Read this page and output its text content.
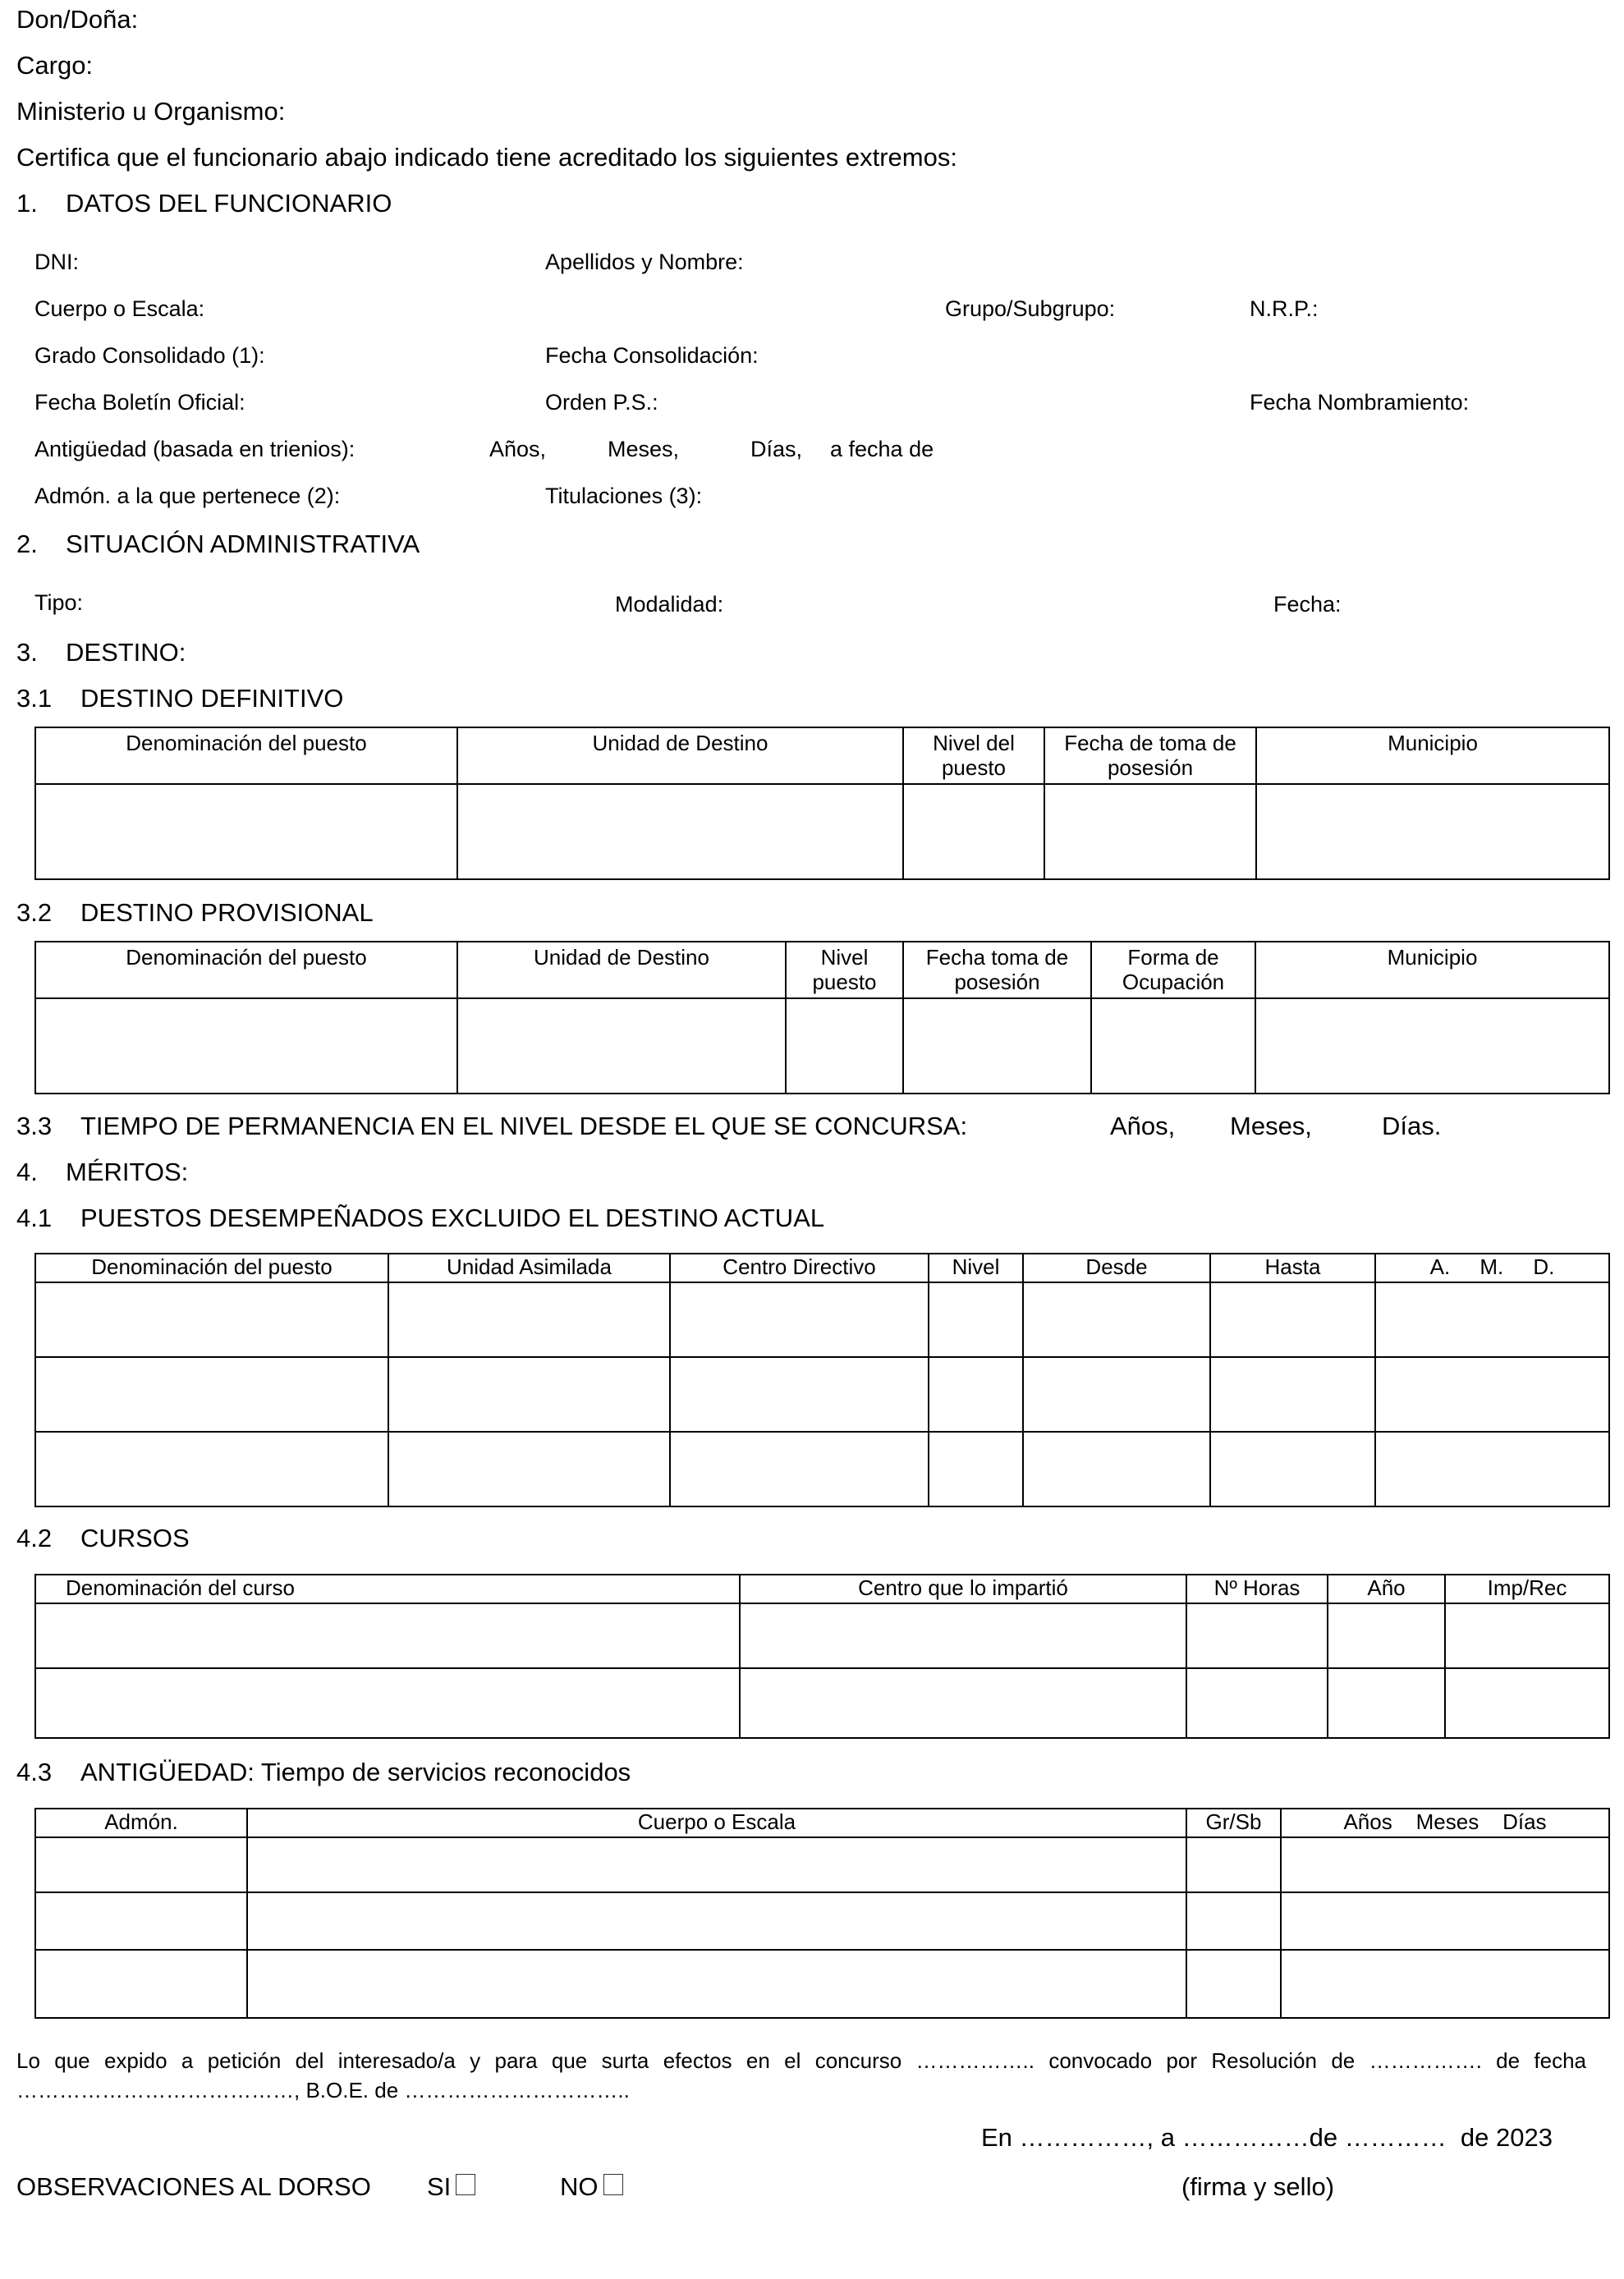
Don/Doña:
Cargo:
Ministerio u Organismo:
Certifica que el funcionario abajo indicado tiene acreditado los siguientes extremos:
1. DATOS DEL FUNCIONARIO
DNI:	Apellidos y Nombre:
Cuerpo o Escala:	Grupo/Subgrupo:	N.R.P.:
Grado Consolidado (1):	Fecha Consolidación:
Fecha Boletín Oficial:	Orden P.S.:	Fecha Nombramiento:
Antigüedad (basada en trienios):	Años,	Meses,	Días, a fecha de
Admón. a la que pertenece (2):	Titulaciones (3):
2. SITUACIÓN ADMINISTRATIVA
Tipo:	Modalidad:	Fecha:
3. DESTINO:
3.1 DESTINO DEFINITIVO
Denominación del puesto	Unidad de Destino	Nivel del puesto	Fecha de toma de posesión	Municipio

3.2 DESTINO PROVISIONAL
Denominación del puesto	Unidad de Destino	Nivel puesto	Fecha toma de posesión	Forma de Ocupación	Municipio

3.3 TIEMPO DE PERMANENCIA EN EL NIVEL DESDE EL QUE SE CONCURSA:	Años, Meses,	Días.
4. MÉRITOS:
4.1 PUESTOS DESEMPEÑADOS EXCLUIDO EL DESTINO ACTUAL
Denominación del puesto	Unidad Asimilada	Centro Directivo	Nivel	Desde	Hasta	A.     M.     D.

4.2 CURSOS
Denominación del curso	Centro que lo impartió	Nº Horas	Año	Imp/Rec

4.3 ANTIGÜEDAD: Tiempo de servicios reconocidos
Admón.	Cuerpo o Escala	Gr/Sb	Años    Meses    Días

Lo que expido a petición del interesado/a y para que surta efectos en el concurso …………….. convocado por Resolución de ……………. de fecha …………………………………, B.O.E. de …………………………..
En ……………, a ……………de …………  de 2023
OBSERVACIONES AL DORSO SI	NO	(firma y sello)
